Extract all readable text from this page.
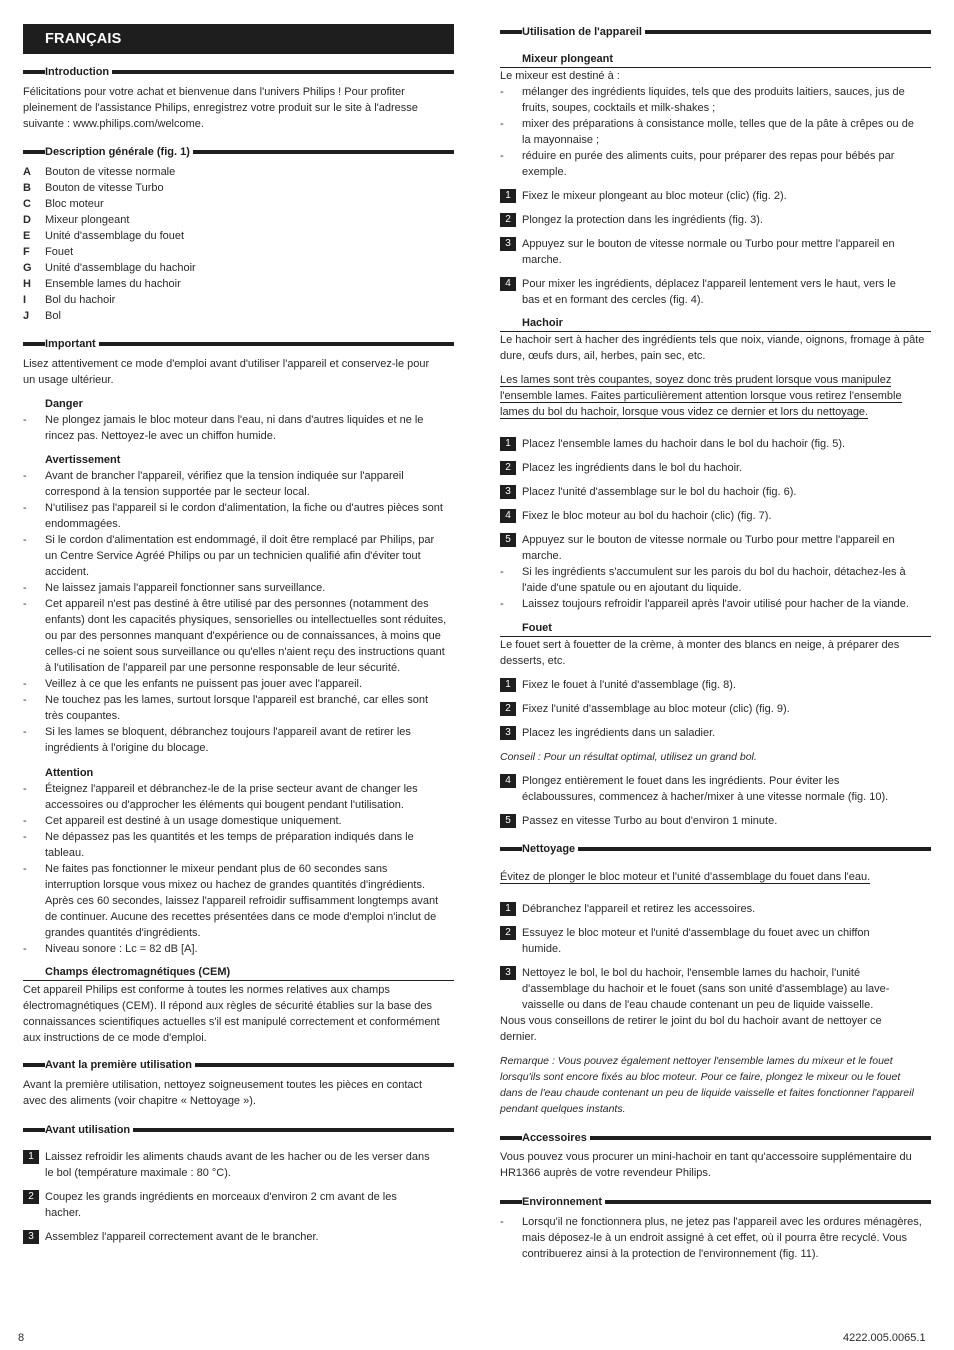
FRANÇAIS
Introduction

Félicitations pour votre achat et bienvenue dans l'univers Philips ! Pour profiter

pleinement de l'assistance Philips, enregistrez votre produit sur le site à l'adresse

suivante : www.philips.com/welcome.

Description générale (fig. 1)
A	Bouton de vitesse normale
B	Bouton de vitesse Turbo
C	Bloc moteur
D	Mixeur plongeant
E	Unité d'assemblage du fouet
F	Fouet
G	Unité d'assemblage du hachoir
H	Ensemble lames du hachoir
I	Bol du hachoir
J	Bol
Important

Lisez attentivement ce mode d'emploi avant d'utiliser l'appareil et conservez-le pour

un usage ultérieur.

Danger

- Ne plongez jamais le bloc moteur dans l'eau, ni dans d'autres liquides et ne le
rincez pas. Nettoyez-le avec un chiffon humide.

Avertissement

- Avant de brancher l'appareil, vérifiez que la tension indiquée sur l'appareil
correspond à la tension supportée par le secteur local.

- N'utilisez pas l'appareil si le cordon d'alimentation, la fiche ou d'autres pièces sont
endommagées.

- Si le cordon d'alimentation est endommagé, il doit être remplacé par Philips, par
un Centre Service Agréé Philips ou par un technicien qualifié afin d'éviter tout
accident.

- Ne laissez jamais l'appareil fonctionner sans surveillance.

- Cet appareil n'est pas destiné à être utilisé par des personnes (notamment des
enfants) dont les capacités physiques, sensorielles ou intellectuelles sont réduites,
ou par des personnes manquant d'expérience ou de connaissances, à moins que
celles-ci ne soient sous surveillance ou qu'elles n'aient reçu des instructions quant
à l'utilisation de l'appareil par une personne responsable de leur sécurité.

- Veillez à ce que les enfants ne puissent pas jouer avec l'appareil.

- Ne touchez pas les lames, surtout lorsque l'appareil est branché, car elles sont
très coupantes.

- Si les lames se bloquent, débranchez toujours l'appareil avant de retirer les
ingrédients à l'origine du blocage.

Attention

- Éteignez l'appareil et débranchez-le de la prise secteur avant de changer les
accessoires ou d'approcher les éléments qui bougent pendant l'utilisation.

- Cet appareil est destiné à un usage domestique uniquement.

- Ne dépassez pas les quantités et les temps de préparation indiqués dans le
tableau.

- Ne faites pas fonctionner le mixeur pendant plus de 60 secondes sans
interruption lorsque vous mixez ou hachez de grandes quantités d'ingrédients.
Après ces 60 secondes, laissez l'appareil refroidir suffisamment longtemps avant
de continuer. Aucune des recettes présentées dans ce mode d'emploi n'inclut de
grandes quantités d'ingrédients.

- Niveau sonore : Lc = 82 dB [A].

Champs électromagnétiques (CEM)

Cet appareil Philips est conforme à toutes les normes relatives aux champs

électromagnétiques (CEM). Il répond aux règles de sécurité établies sur la base des

connaissances scientifiques actuelles s'il est manipulé correctement et conformément

aux instructions de ce mode d'emploi.

Avant la première utilisation

Avant la première utilisation, nettoyez soigneusement toutes les pièces en contact

avec des aliments (voir chapitre « Nettoyage »).

Avant utilisation
1	Laissez refroidir les aliments chauds avant de les hacher ou de les verser dans
le bol (température maximale : 80 °C).
2	Coupez les grands ingrédients en morceaux d'environ 2 cm avant de les
hacher.
3	Assemblez l'appareil correctement avant de le brancher.
Utilisation de l'appareil

Mixeur plongeant

Le mixeur est destiné à :

- mélanger des ingrédients liquides, tels que des produits laitiers, sauces, jus de
fruits, soupes, cocktails et milk-shakes ;

- mixer des préparations à consistance molle, telles que de la pâte à crêpes ou de
la mayonnaise ;

- réduire en purée des aliments cuits, pour préparer des repas pour bébés par
exemple.

1	Fixez le mixeur plongeant au bloc moteur (clic) (fig. 2).
2	Plongez la protection dans les ingrédients (fig. 3).
3	Appuyez sur le bouton de vitesse normale ou Turbo pour mettre l'appareil en
marche.
4	Pour mixer les ingrédients, déplacez l'appareil lentement vers le haut, vers le
bas et en formant des cercles (fig. 4).

Hachoir

Le hachoir sert à hacher des ingrédients tels que noix, viande, oignons, fromage à pâte

dure, œufs durs, ail, herbes, pain sec, etc.

Les lames sont très coupantes, soyez donc très prudent lorsque vous manipulez

l'ensemble lames. Faites particulièrement attention lorsque vous retirez l'ensemble

lames du bol du hachoir, lorsque vous videz ce dernier et lors du nettoyage.

1	Placez l'ensemble lames du hachoir dans le bol du hachoir (fig. 5).
2	Placez les ingrédients dans le bol du hachoir.
3	Placez l'unité d'assemblage sur le bol du hachoir (fig. 6).
4	Fixez le bloc moteur au bol du hachoir (clic) (fig. 7).
5	Appuyez sur le bouton de vitesse normale ou Turbo pour mettre l'appareil en
marche.

- Si les ingrédients s'accumulent sur les parois du bol du hachoir, détachez-les à
l'aide d'une spatule ou en ajoutant du liquide.

- Laissez toujours refroidir l'appareil après l'avoir utilisé pour hacher de la viande.

Fouet

Le fouet sert à fouetter de la crème, à monter des blancs en neige, à préparer des

desserts, etc.

1	Fixez le fouet à l'unité d'assemblage (fig. 8).
2	Fixez l'unité d'assemblage au bloc moteur (clic) (fig. 9).
3	Placez les ingrédients dans un saladier.

Conseil : Pour un résultat optimal, utilisez un grand bol.

4	Plongez entièrement le fouet dans les ingrédients. Pour éviter les
éclaboussures, commencez à hacher/mixer à une vitesse normale (fig. 10).
5	Passez en vitesse Turbo au bout d'environ 1 minute.
Nettoyage

Évitez de plonger le bloc moteur et l'unité d'assemblage du fouet dans l'eau.

1	Débranchez l'appareil et retirez les accessoires.
2	Essuyez le bloc moteur et l'unité d'assemblage du fouet avec un chiffon
humide.
3	Nettoyez le bol, le bol du hachoir, l'ensemble lames du hachoir, l'unité
d'assemblage du hachoir et le fouet (sans son unité d'assemblage) au lave-
vaisselle ou dans de l'eau chaude contenant un peu de liquide vaisselle.

Nous vous conseillons de retirer le joint du bol du hachoir avant de nettoyer ce

dernier.

Remarque : Vous pouvez également nettoyer l'ensemble lames du mixeur et le fouet

lorsqu'ils sont encore fixés au bloc moteur. Pour ce faire, plongez le mixeur ou le fouet

dans de l'eau chaude contenant un peu de liquide vaisselle et faites fonctionner l'appareil

pendant quelques instants.

Accessoires

Vous pouvez vous procurer un mini-hachoir en tant qu'accessoire supplémentaire du

HR1366 auprès de votre revendeur Philips.

Environnement

- Lorsqu'il ne fonctionnera plus, ne jetez pas l'appareil avec les ordures ménagères,
mais déposez-le à un endroit assigné à cet effet, où il pourra être recyclé. Vous
contribuerez ainsi à la protection de l'environnement (fig. 11).

8	4222.005.0065.1
